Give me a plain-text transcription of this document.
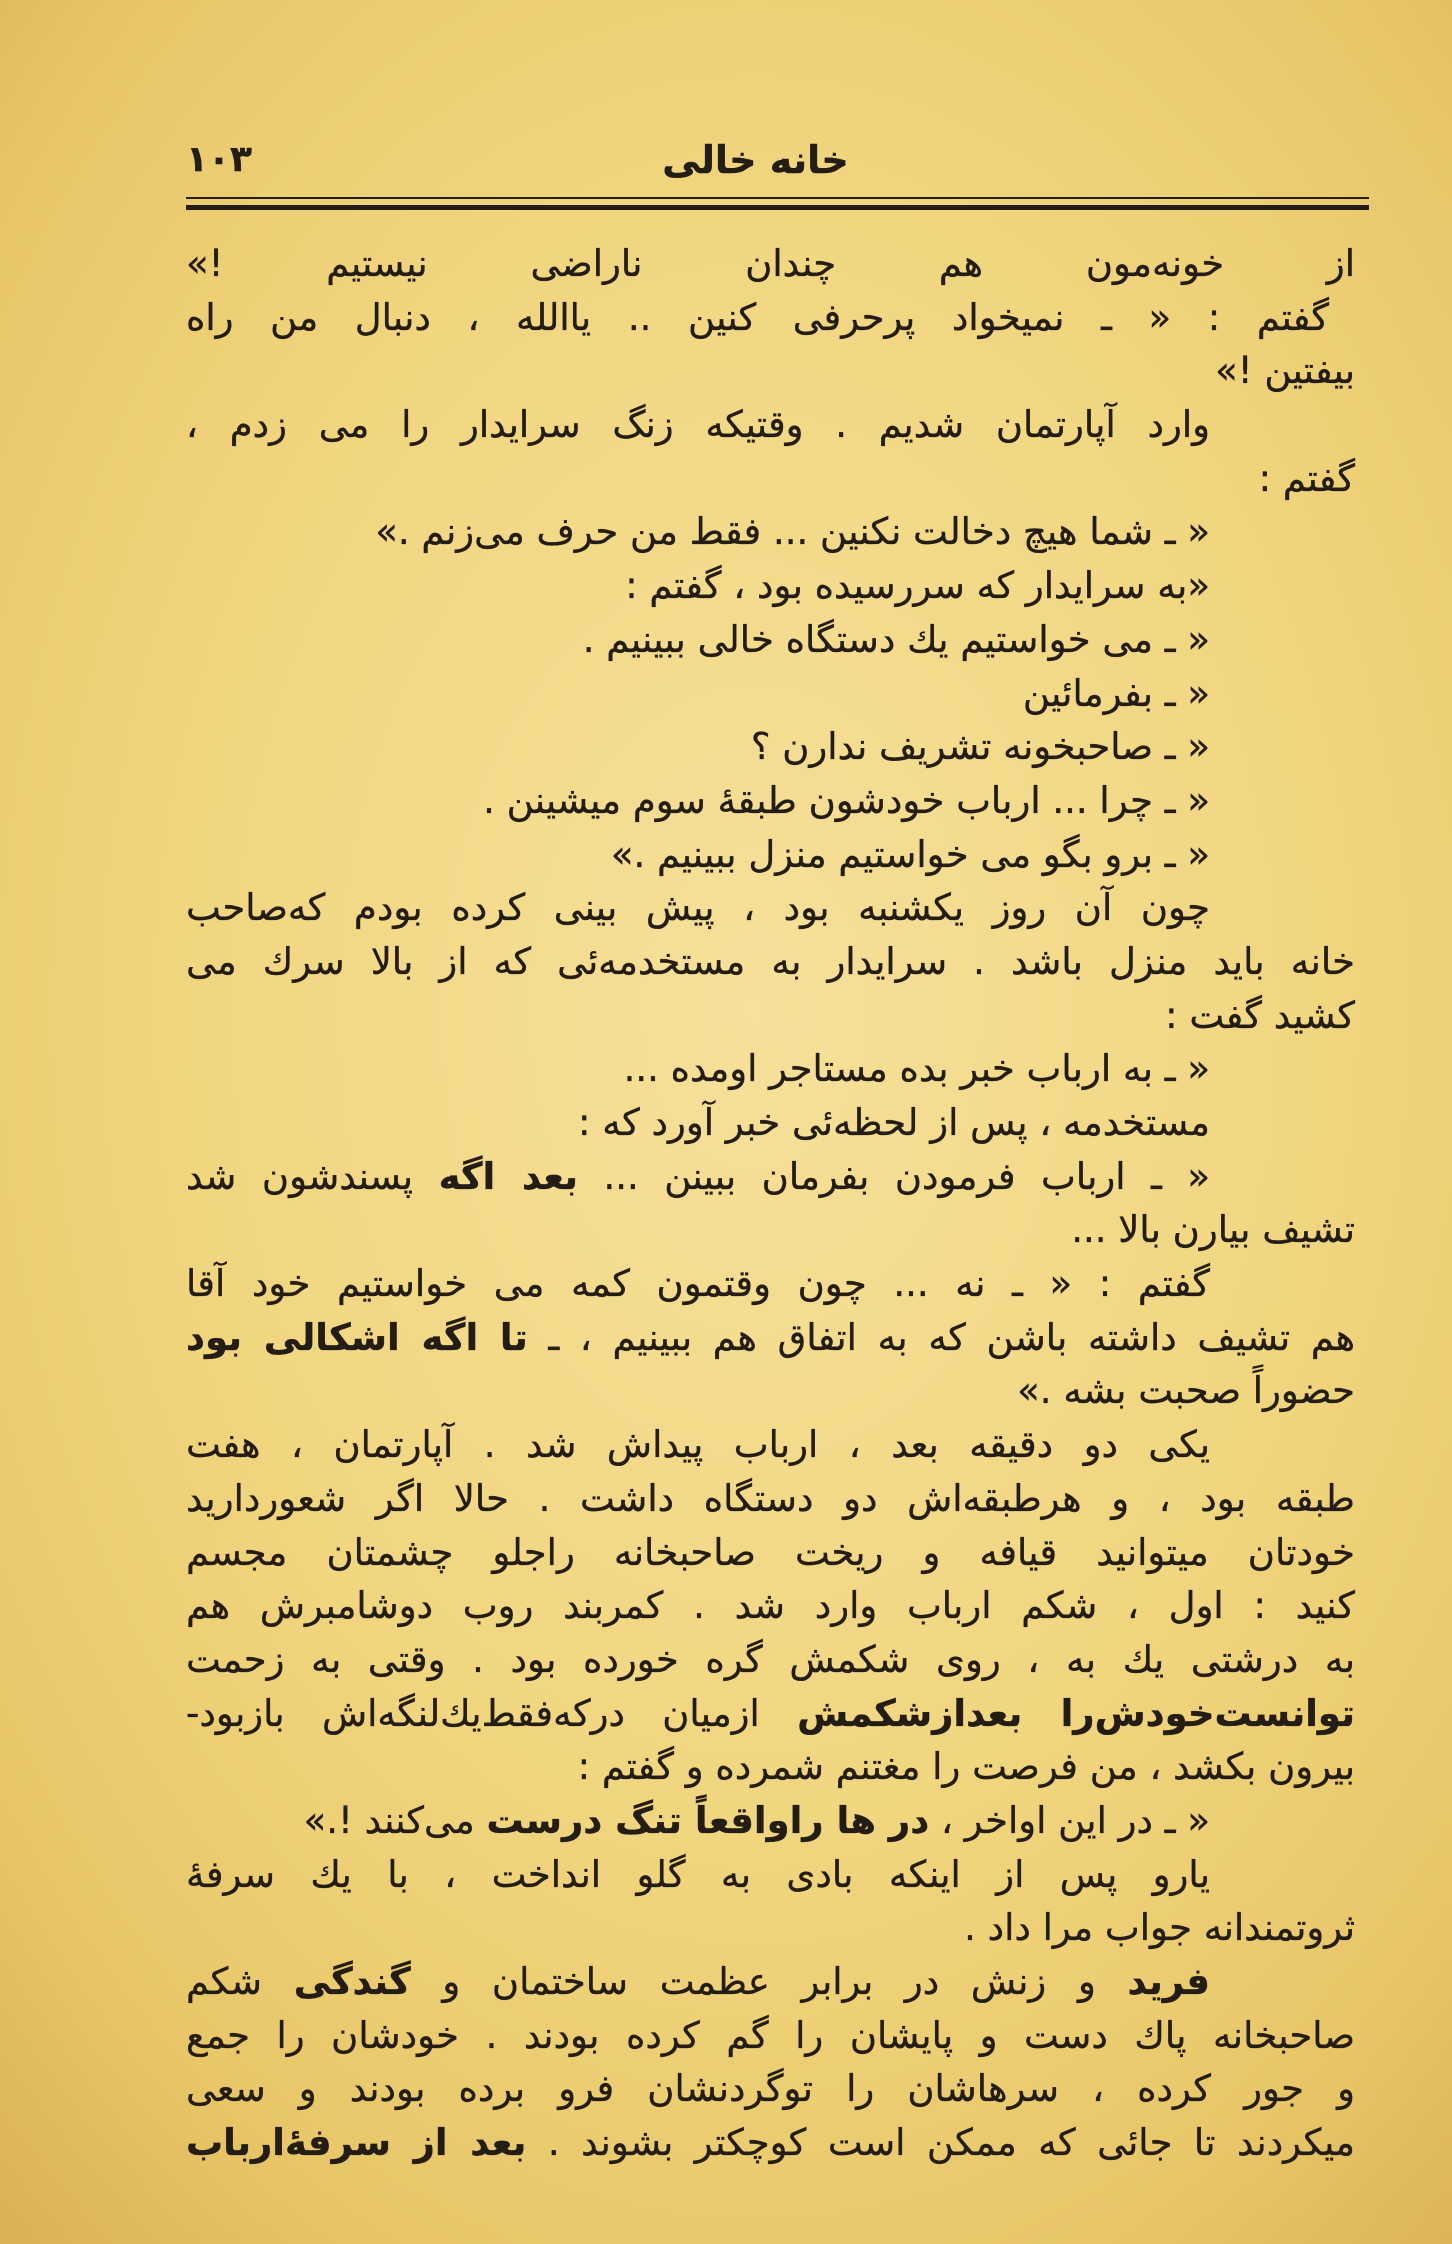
خانه خالی
۱۰۳
از خونه‌مون هم چندان ناراضی نیستیم !»
گفتم : « ـ نمیخواد پرحرفی کنین .. یاالله ، دنبال من راه
بیفتین !»
وارد آپارتمان شدیم . وقتیکه زنگ سرایدار را می زدم ،
گفتم :
« ـ شما هیچ دخالت نکنین ... فقط من حرف می‌زنم .»
«به سرایدار که سررسیده بود ، گفتم :
« ـ می خواستیم یك دستگاه خالی ببینیم .
« ـ بفرمائین
« ـ صاحبخونه تشریف ندارن ؟
« ـ چرا ... ارباب خودشون طبقهٔ سوم میشینن .
« ـ برو بگو می خواستیم منزل ببینیم .»
چون آن روز یکشنبه بود ، پیش بینی کرده بودم که‌صاحب
خانه باید منزل باشد . سرایدار به مستخدمه‌ئی که از بالا سرك می
کشید گفت :
« ـ به ارباب خبر بده مستاجر اومده ...
مستخدمه ، پس از لحظه‌ئی خبر آورد که :
« ـ ارباب فرمودن بفرمان ببینن ... بعد اگه پسندشون شد
تشیف بیارن بالا ...
گفتم : « ـ نه ... چون وقتمون کمه می خواستیم خود آقا
هم تشیف داشته باشن که به اتفاق هم ببینیم ، ـ تا اگه اشکالی بود
حضوراً صحبت بشه .»
یکی دو دقیقه بعد ، ارباب پیداش شد . آپارتمان ، هفت
طبقه بود ، و هرطبقه‌اش دو دستگاه داشت . حالا اگر شعوردارید
خودتان میتوانید قیافه و ریخت صاحبخانه راجلو چشمتان مجسم
کنید : اول ، شکم ارباب وارد شد . کمربند روب دوشامبرش هم
به درشتی یك به ، روی شکمش گره خورده بود . وقتی به زحمت
توانست‌خودش‌را بعدازشکمش ازمیان درکه‌فقط‌یك‌لنگه‌اش بازبود-
بیرون بکشد ، من فرصت را مغتنم شمرده و گفتم :
« ـ در این اواخر ، در ها راواقعاً تنگ درست می‌کنند !.»
یارو پس از اینکه بادی به گلو انداخت ، با یك سرفهٔ
ثروتمندانه جواب مرا داد .
فرید و زنش در برابر عظمت ساختمان و گندگی شکم
صاحبخانه پاك دست و پایشان را گم کرده بودند . خودشان را جمع
و جور کرده ، سرهاشان را توگردنشان فرو برده بودند و سعی
میکردند تا جائی که ممکن است کوچکتر بشوند . بعد از سرفهٔ‌ارباب
